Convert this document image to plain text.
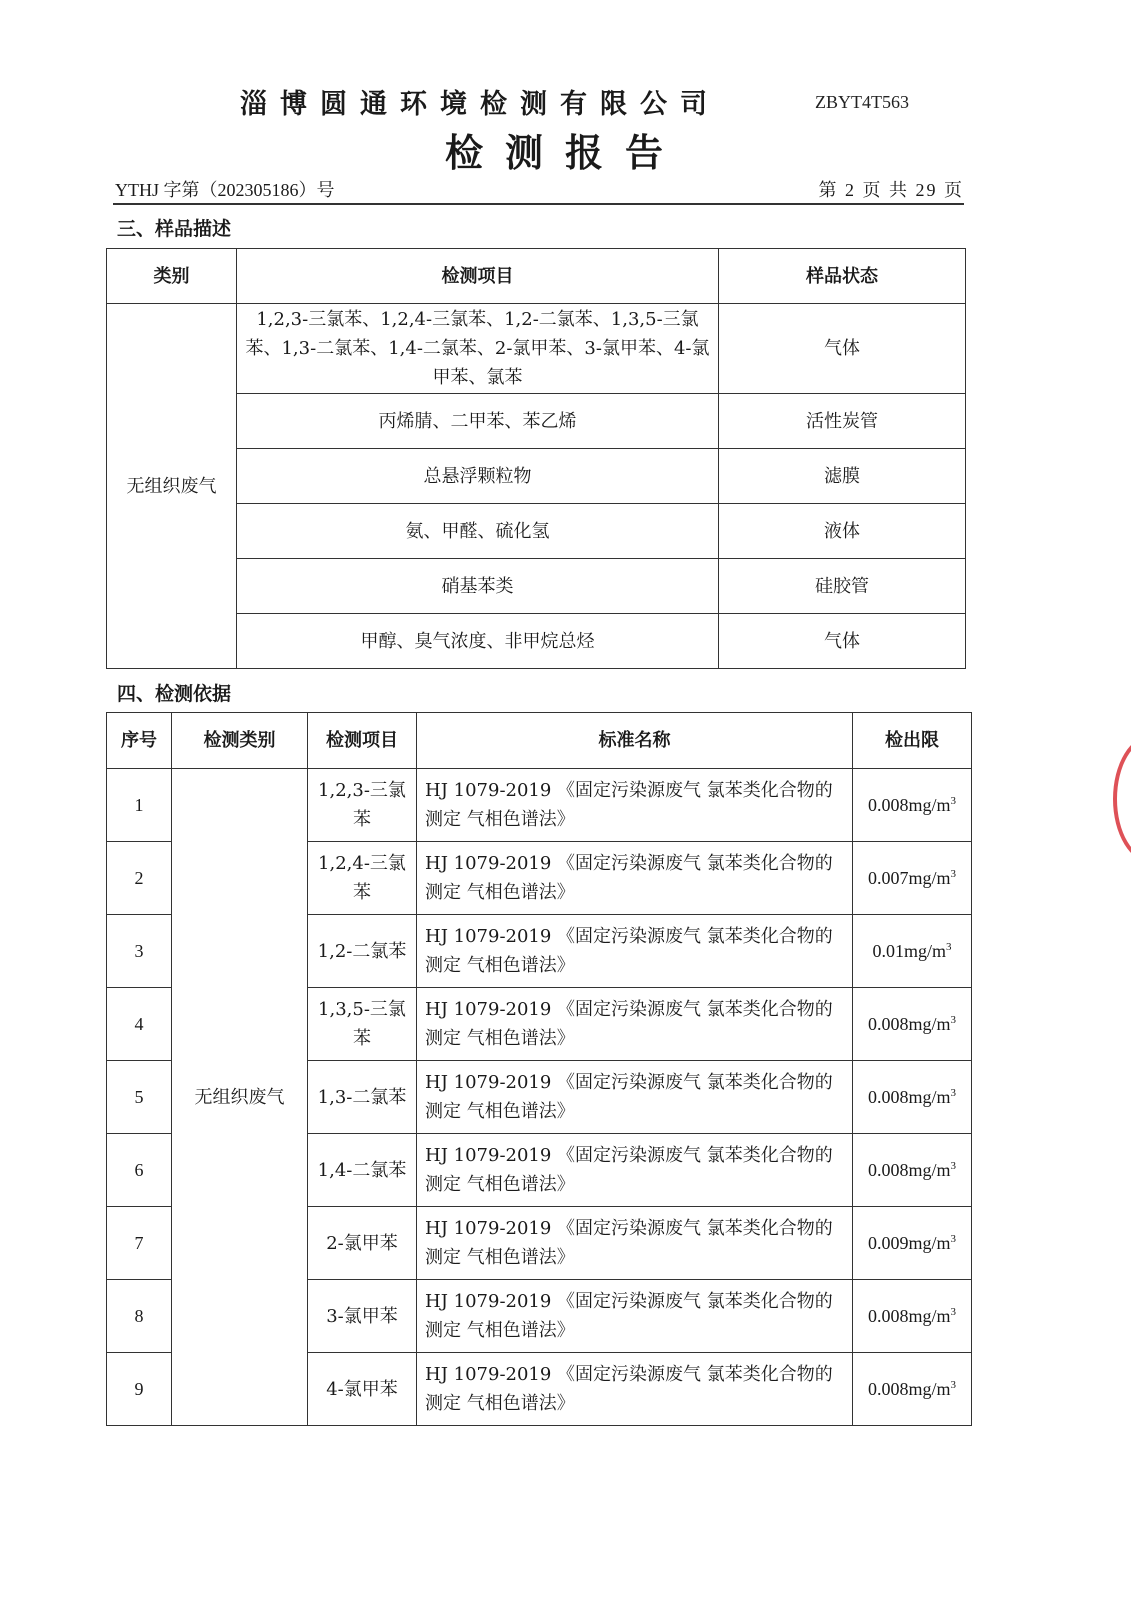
淄博圆通环境检测有限公司	ZBYT4T563
检测报告
YTHJ 字第（202305186）号	第 2 页 共 29 页
三、样品描述
类别	检测项目	样品状态
无组织废气	1,2,3-三氯苯、1,2,4-三氯苯、1,2-二氯苯、1,3,5-三氯苯、1,3-二氯苯、1,4-二氯苯、2-氯甲苯、3-氯甲苯、4-氯甲苯、氯苯	气体
	丙烯腈、二甲苯、苯乙烯	活性炭管
	总悬浮颗粒物	滤膜
	氨、甲醛、硫化氢	液体
	硝基苯类	硅胶管
	甲醇、臭气浓度、非甲烷总烃	气体
四、检测依据
序号	检测类别	检测项目	标准名称	检出限
1	无组织废气	1,2,3-三氯苯	HJ 1079-2019 《固定污染源废气 氯苯类化合物的测定 气相色谱法》	$0.008mg/m^3$
2		1,2,4-三氯苯	HJ 1079-2019 《固定污染源废气 氯苯类化合物的测定 气相色谱法》	$0.007mg/m^3$
3		1,2-二氯苯	HJ 1079-2019 《固定污染源废气 氯苯类化合物的测定 气相色谱法》	$0.01mg/m^3$
4		1,3,5-三氯苯	HJ 1079-2019 《固定污染源废气 氯苯类化合物的测定 气相色谱法》	$0.008mg/m^3$
5		1,3-二氯苯	HJ 1079-2019 《固定污染源废气 氯苯类化合物的测定 气相色谱法》	$0.008mg/m^3$
6		1,4-二氯苯	HJ 1079-2019 《固定污染源废气 氯苯类化合物的测定 气相色谱法》	$0.008mg/m^3$
7		2-氯甲苯	HJ 1079-2019 《固定污染源废气 氯苯类化合物的测定 气相色谱法》	$0.009mg/m^3$
8		3-氯甲苯	HJ 1079-2019 《固定污染源废气 氯苯类化合物的测定 气相色谱法》	$0.008mg/m^3$
9		4-氯甲苯	HJ 1079-2019 《固定污染源废气 氯苯类化合物的测定 气相色谱法》	$0.008mg/m^3$
